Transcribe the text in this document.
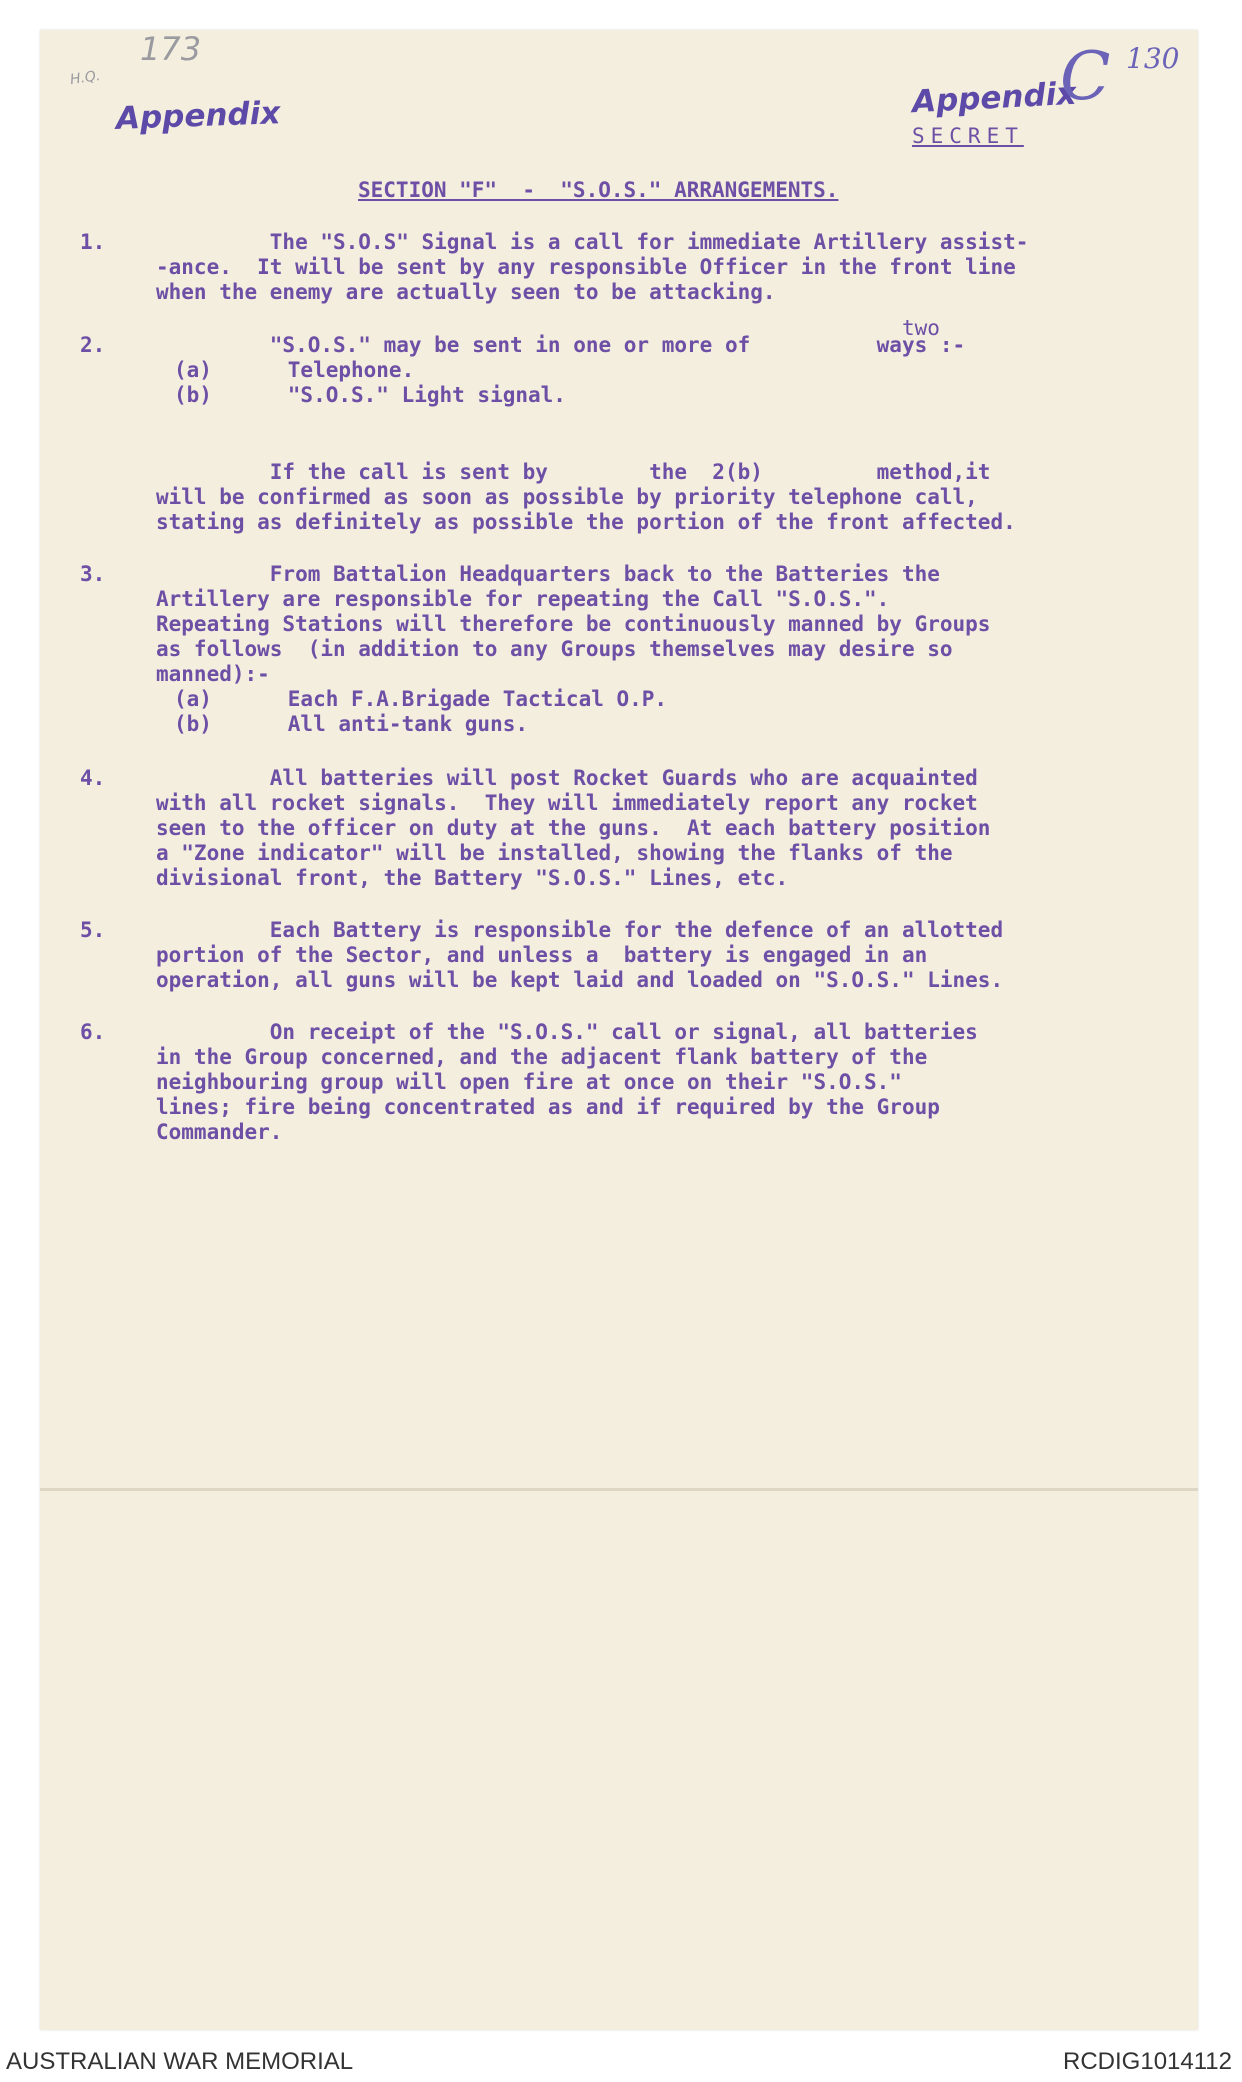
H.Q.
173
Appendix	Appendix
C 130
SECRET
SECTION "F"  -  "S.O.S." ARRANGEMENTS.
1. The "S.O.S" Signal is a call for immediate Artillery assist-
-ance.  It will be sent by any responsible Officer in the front line
when the enemy are actually seen to be attacking.
two
2. "S.O.S." may be sent in one or more of          ways :-
(a)      Telephone.
(b)      "S.O.S." Light signal.
If the call is sent by        the  2(b)         method,it
will be confirmed as soon as possible by priority telephone call,
stating as definitely as possible the portion of the front affected.
3. From Battalion Headquarters back to the Batteries the
Artillery are responsible for repeating the Call "S.O.S.".
Repeating Stations will therefore be continuously manned by Groups
as follows  (in addition to any Groups themselves may desire so
manned):-
(a)      Each F.A.Brigade Tactical O.P.
(b)      All anti-tank guns.
4. All batteries will post Rocket Guards who are acquainted
with all rocket signals.  They will immediately report any rocket
seen to the officer on duty at the guns.  At each battery position
a "Zone indicator" will be installed, showing the flanks of the
divisional front, the Battery "S.O.S." Lines, etc.
5. Each Battery is responsible for the defence of an allotted
portion of the Sector, and unless a  battery is engaged in an
operation, all guns will be kept laid and loaded on "S.O.S." Lines.
6. On receipt of the "S.O.S." call or signal, all batteries
in the Group concerned, and the adjacent flank battery of the
neighbouring group will open fire at once on their "S.O.S."
lines; fire being concentrated as and if required by the Group
Commander.
AUSTRALIAN WAR MEMORIAL	RCDIG1014112
